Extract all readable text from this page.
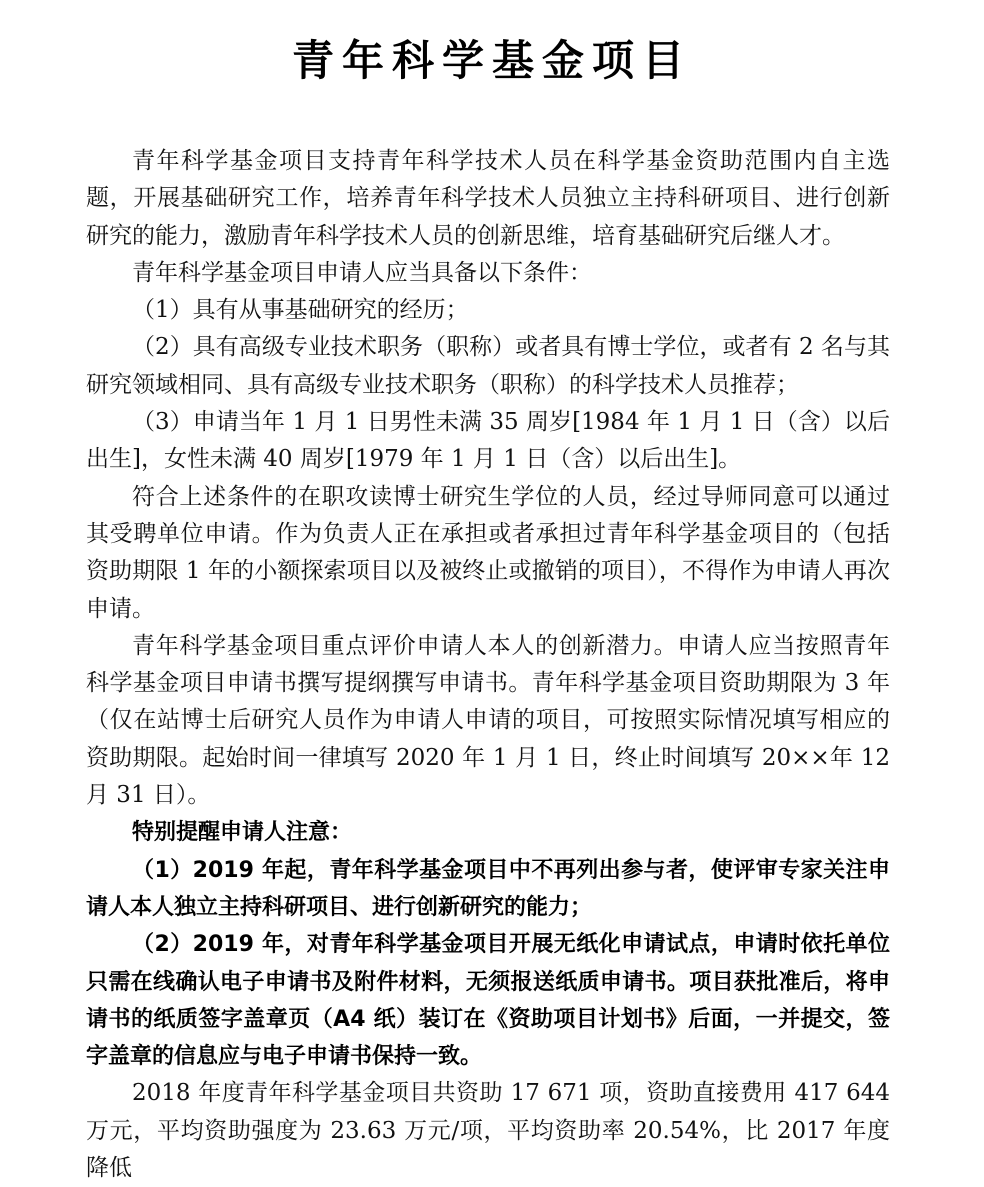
青年科学基金项目

青年科学基金项目支持青年科学技术人员在科学基金资助范围内自主选题，开展基础研究工作，培养青年科学技术人员独立主持科研项目、进行创新研究的能力，激励青年科学技术人员的创新思维，培育基础研究后继人才。

青年科学基金项目申请人应当具备以下条件：

（1）具有从事基础研究的经历；

（2）具有高级专业技术职务（职称）或者具有博士学位，或者有 2 名与其研究领域相同、具有高级专业技术职务（职称）的科学技术人员推荐；

（3）申请当年 1 月 1 日男性未满 35 周岁[1984 年 1 月 1 日（含）以后出生]，女性未满 40 周岁[1979 年 1 月 1 日（含）以后出生]。

符合上述条件的在职攻读博士研究生学位的人员，经过导师同意可以通过其受聘单位申请。作为负责人正在承担或者承担过青年科学基金项目的（包括资助期限 1 年的小额探索项目以及被终止或撤销的项目），不得作为申请人再次申请。

青年科学基金项目重点评价申请人本人的创新潜力。申请人应当按照青年科学基金项目申请书撰写提纲撰写申请书。青年科学基金项目资助期限为 3 年（仅在站博士后研究人员作为申请人申请的项目，可按照实际情况填写相应的资助期限。起始时间一律填写 2020 年 1 月 1 日，终止时间填写 20××年 12 月 31 日）。

特别提醒申请人注意：

（1）2019 年起，青年科学基金项目中不再列出参与者，使评审专家关注申请人本人独立主持科研项目、进行创新研究的能力；

（2）2019 年，对青年科学基金项目开展无纸化申请试点，申请时依托单位只需在线确认电子申请书及附件材料，无须报送纸质申请书。项目获批准后，将申请书的纸质签字盖章页（A4 纸）装订在《资助项目计划书》后面，一并提交，签字盖章的信息应与电子申请书保持一致。

2018 年度青年科学基金项目共资助 17 671 项，资助直接费用 417 644 万元，平均资助强度为 23.63 万元/项，平均资助率 20.54%，比 2017 年度降低
